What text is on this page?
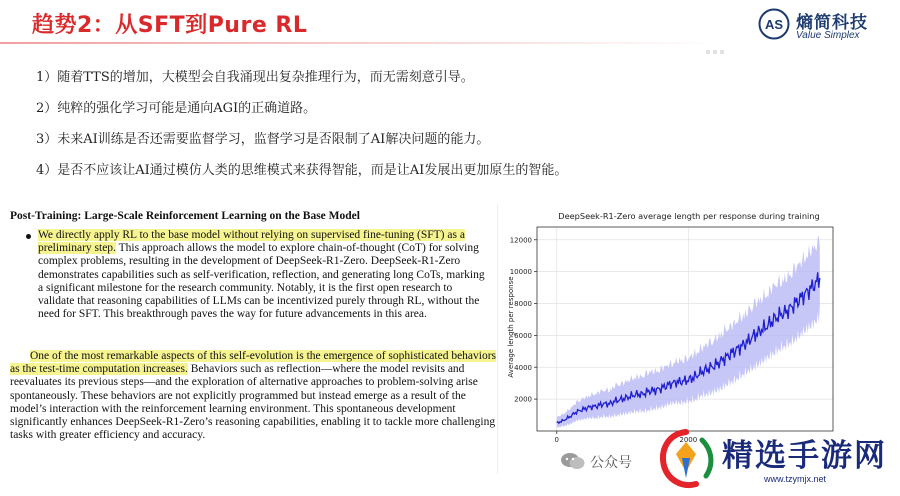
趋势2：从SFT到Pure RL	AS 熵简科技
Value Simplex
1）随着TTS的增加，大模型会自我涌现出复杂推理行为，而无需刻意引导。
2）纯粹的强化学习可能是通向AGI的正确道路。
3）未来AI训练是否还需要监督学习，监督学习是否限制了AI解决问题的能力。
4）是否不应该让AI通过模仿人类的思维模式来获得智能，而是让AI发展出更加原生的智能。
Post-Training: Large-Scale Reinforcement Learning on the Base Model
We directly apply RL to the base model without relying on supervised fine-tuning (SFT) as a preliminary step. This approach allows the model to explore chain-of-thought (CoT) for solving complex problems, resulting in the development of DeepSeek-R1-Zero. DeepSeek-R1-Zero demonstrates capabilities such as self-verification, reflection, and generating long CoTs, marking a significant milestone for the research community. Notably, it is the first open research to validate that reasoning capabilities of LLMs can be incentivized purely through RL, without the need for SFT. This breakthrough paves the way for future advancements in this area.
One of the most remarkable aspects of this self-evolution is the emergence of sophisticated behaviors as the test-time computation increases. Behaviors such as reflection—where the model revisits and reevaluates its previous steps—and the exploration of alternative approaches to problem-solving arise spontaneously. These behaviors are not explicitly programmed but instead emerge as a result of the model’s interaction with the reinforcement learning environment. This spontaneous development significantly enhances DeepSeek-R1-Zero’s reasoning capabilities, enabling it to tackle more challenging tasks with greater efficiency and accuracy.
DeepSeek-R1-Zero average length per response during training
Average length per response
2000
4000
6000
8000
10000
12000
0	2000
公众号	精选手游网
www.tzymjx.net
